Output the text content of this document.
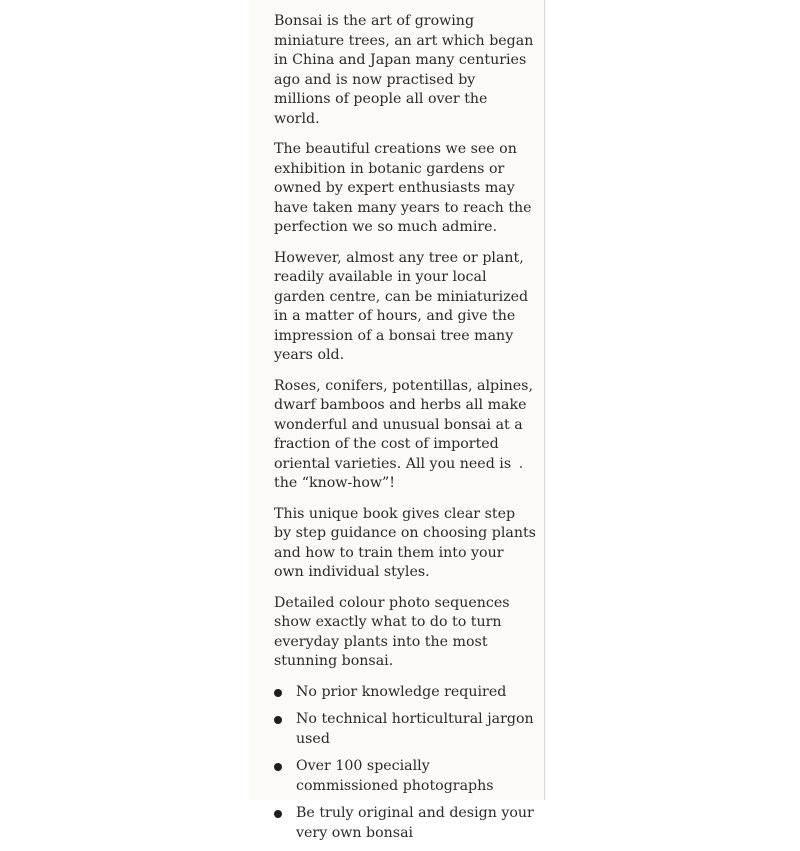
Bonsai is the art of growing miniature trees, an art which began in China and Japan many centuries ago and is now practised by millions of people all over the world.

The beautiful creations we see on exhibition in botanic gardens or owned by expert enthusiasts may have taken many years to reach the perfection we so much admire.

However, almost any tree or plant, readily available in your local garden centre, can be miniaturized in a matter of hours, and give the impression of a bonsai tree many years old.

Roses, conifers, potentillas, alpines, dwarf bamboos and herbs all make wonderful and unusual bonsai at a fraction of the cost of imported oriental varieties. All you need is the “know-how”!

This unique book gives clear step by step guidance on choosing plants and how to train them into your own individual styles.

Detailed colour photo sequences show exactly what to do to turn everyday plants into the most stunning bonsai.

No prior knowledge required
No technical horticultural jargon used
Over 100 specially commissioned photographs
Be truly original and design your very own bonsai
